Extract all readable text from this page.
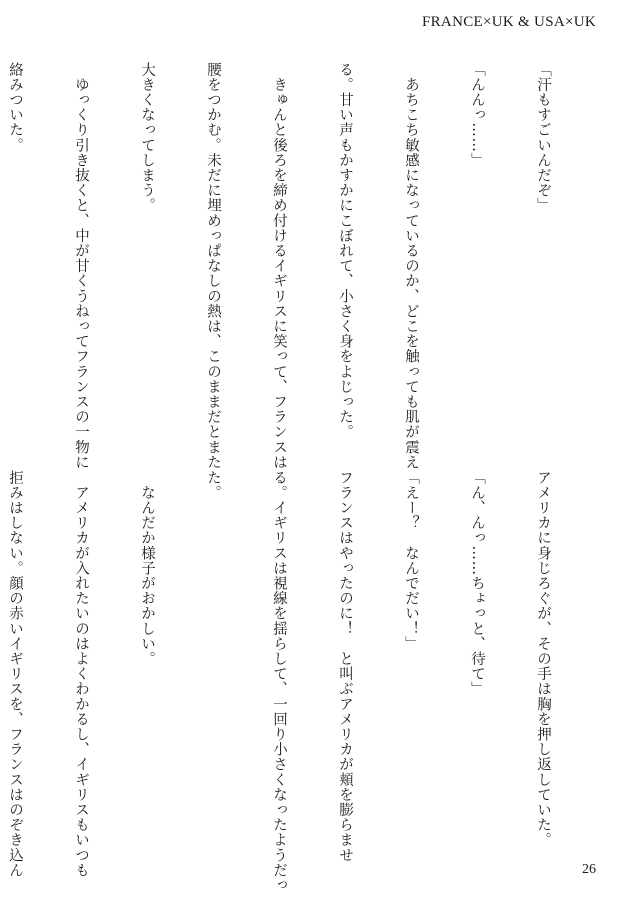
FRANCE×UK & USA×UK

「汗もすごいんだぞ」

「んんっ……」

　あちこち敏感になっているのか、どこを触っても肌が震え

る。甘い声もかすかにこぼれて、小さく身をよじった。

　きゅんと後ろを締め付けるイギリスに笑って、フランスは

腰をつかむ。未だに埋めっぱなしの熱は、このままだとまた

大きくなってしまう。

　ゆっくり引き抜くと、中が甘くうねってフランスの一物に

絡みついた。

アメリカに身じろぐが、その手は胸を押し返していた。

「ん、んっ……ちょっと、待て」

「えー？　なんでだい！」

フランスはやったのに！　と叫ぶアメリカが頬を膨らませ

る。イギリスは視線を揺らして、一回り小さくなったようだっ

た。

　なんだか様子がおかしい。

　アメリカが入れたいのはよくわかるし、イギリスもいつも

拒みはしない。顔の赤いイギリスを、フランスはのぞき込ん

	26
